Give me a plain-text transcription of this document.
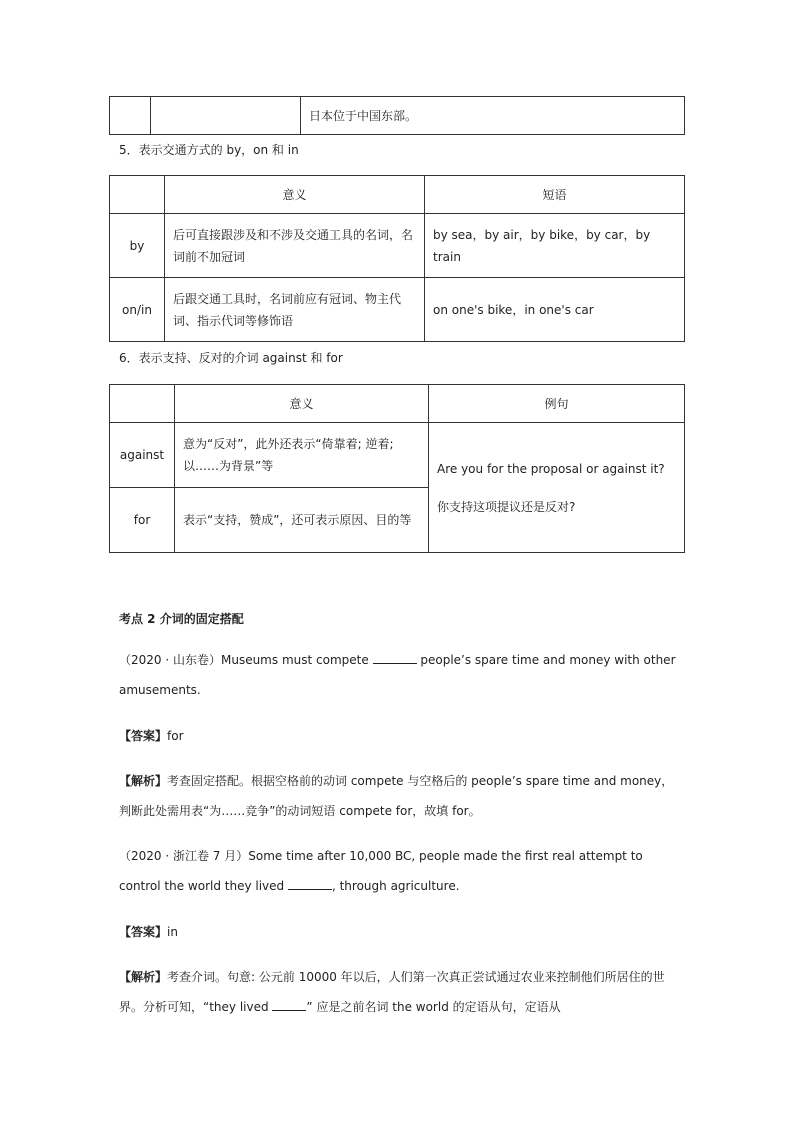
		日本位于中国东部。
5．表示交通方式的 by，on 和 in
	意义	短语
by	后可直接跟涉及和不涉及交通工具的名词，名词前不加冠词	by sea，by air，by bike，by car，by train
on/in	后跟交通工具时，名词前应有冠词、物主代词、指示代词等修饰语	on one's bike，in one's car
6．表示支持、反对的介词 against 和 for
	意义	例句
against	意为“反对”，此外还表示“倚靠着; 逆着; 以……为背景”等	Are you for the proposal or against it?
你支持这项提议还是反对?

for	表示“支持，赞成”，还可表示原因、目的等	
考点 2 介词的固定搭配
（2020 · 山东卷）Museums must compete	people’s spare time and money with other amusements.
【答案】for
【解析】考查固定搭配。根据空格前的动词 compete 与空格后的 people’s spare time and money，判断此处需用表“为……竞争”的动词短语 compete for，故填 for。
（2020 · 浙江卷 7 月）Some time after 10,000 BC, people made the first real attempt to control the world they lived	, through agriculture.
【答案】in
【解析】考查介词。句意: 公元前 10000 年以后，人们第一次真正尝试通过农业来控制他们所居住的世界。分析可知，“they lived	” 应是之前名词 the world 的定语从句，定语从
